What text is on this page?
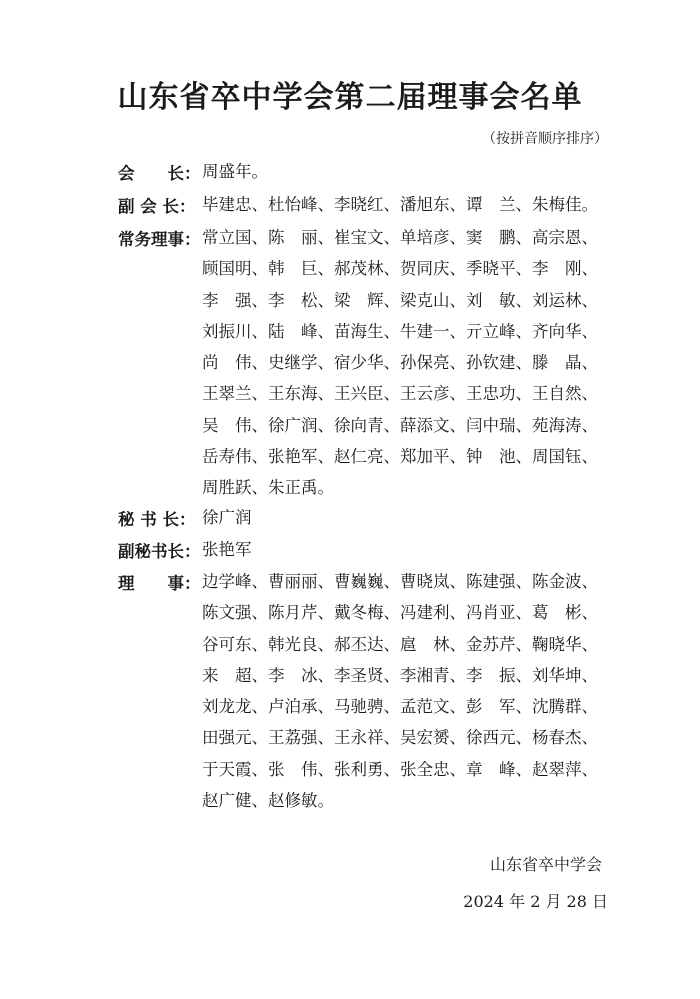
山东省卒中学会第二届理事会名单
（按拼音顺序排序）
会　　长： 周盛年。
副 会 长： 毕建忠、杜怡峰、李晓红、潘旭东、谭　兰、朱梅佳。
常务理事： 常立国、陈　丽、崔宝文、单培彦、窦　鹏、高宗恩、
顾国明、韩　巨、郝茂林、贺同庆、季晓平、李　刚、
李　强、李　松、梁　辉、梁克山、刘　敏、刘运林、
刘振川、陆　峰、苗海生、牛建一、亓立峰、齐向华、
尚　伟、史继学、宿少华、孙保亮、孙钦建、滕　晶、
王翠兰、王东海、王兴臣、王云彦、王忠功、王自然、
吴　伟、徐广润、徐向青、薛添文、闫中瑞、苑海涛、
岳寿伟、张艳军、赵仁亮、郑加平、钟　池、周国钰、
周胜跃、朱正禹。
秘 书 长： 徐广润
副秘书长： 张艳军
理　　事： 边学峰、曹丽丽、曹巍巍、曹晓岚、陈建强、陈金波、
陈文强、陈月芹、戴冬梅、冯建利、冯肖亚、葛　彬、
谷可东、韩光良、郝丕达、扈　林、金苏芹、鞠晓华、
来　超、李　冰、李圣贤、李湘青、李　振、刘华坤、
刘龙龙、卢泊承、马驰骋、孟范文、彭　军、沈腾群、
田强元、王荔强、王永祥、吴宏赟、徐西元、杨春杰、
于天霞、张　伟、张利勇、张全忠、章　峰、赵翠萍、
赵广健、赵修敏。
山东省卒中学会
2024 年 2 月 28 日
